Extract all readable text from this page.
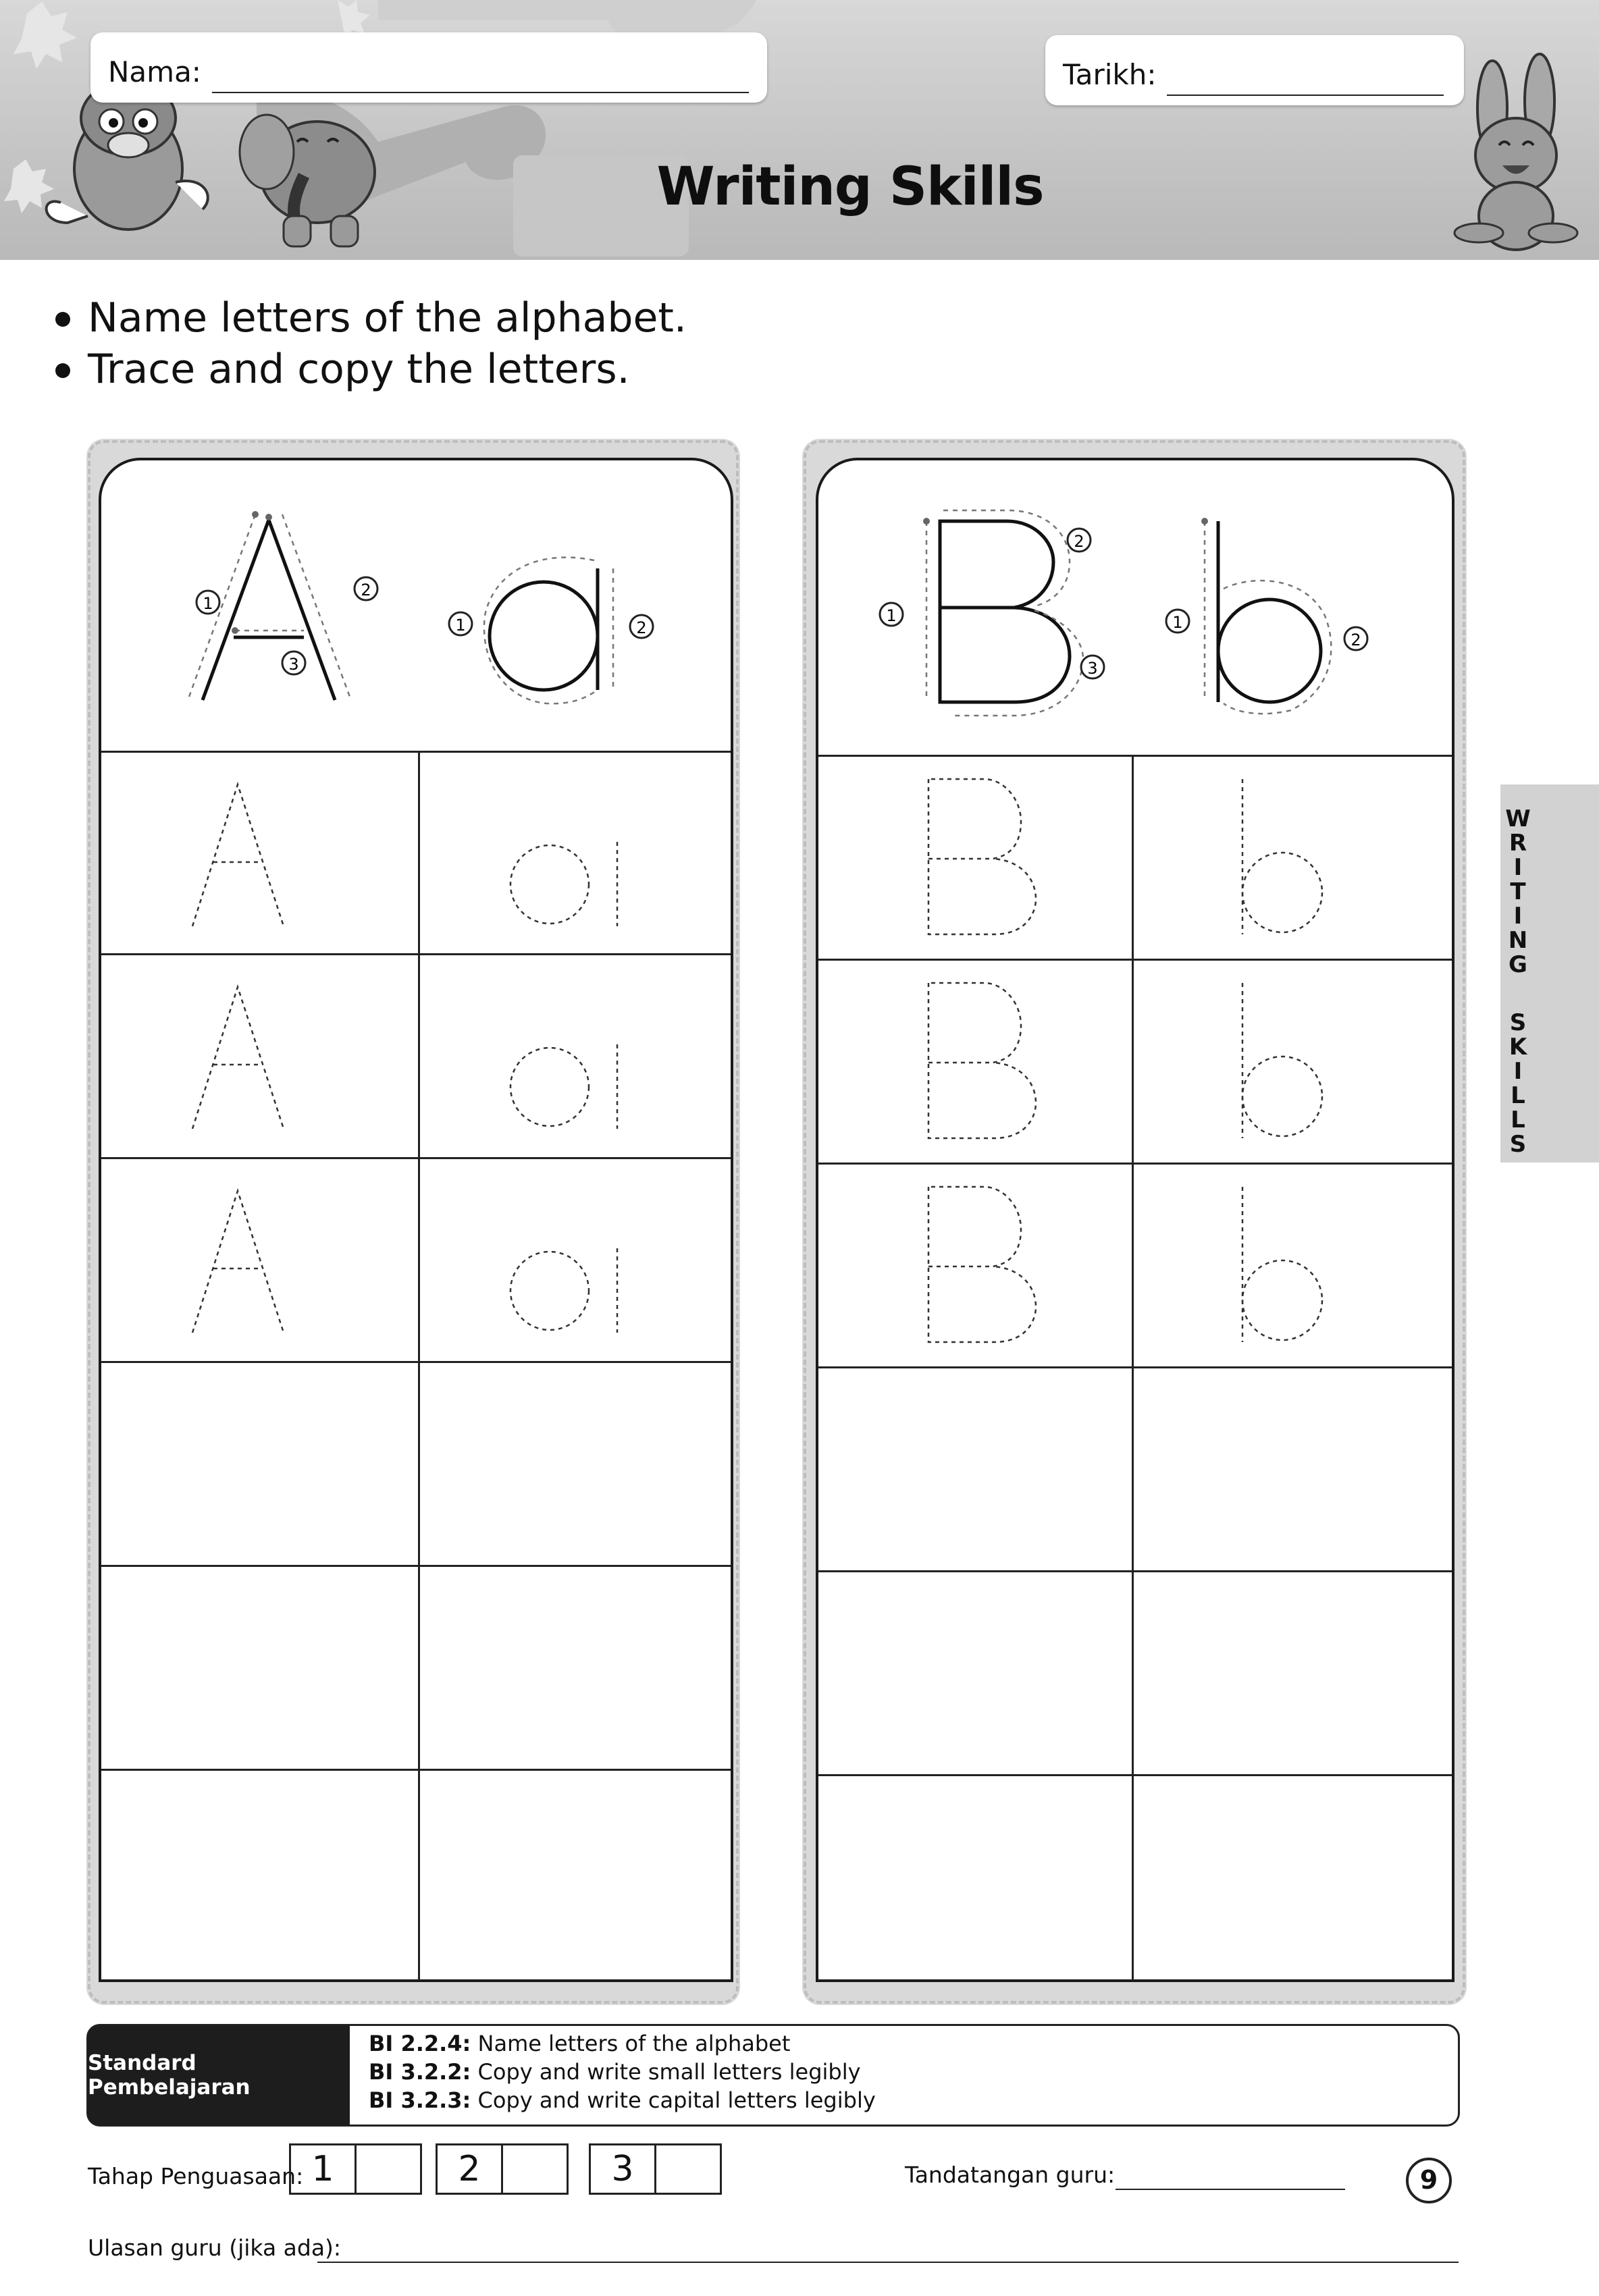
Nama:	Tarikh:
Writing Skills
Name letters of the alphabet.
Trace and copy the letters.
1
2
3
1	2
1
2
3
1
2
W
R
I
T
I
N
G
S
K
I
L
L
S
Standard Pembelajaran
BI 2.2.4: Name letters of the alphabet
BI 3.2.2: Copy and write small letters legibly
BI 3.2.3: Copy and write capital letters legibly
Tahap Penguasaan: 1	2	3	Tandatangan guru:	9
Ulasan guru (jika ada):
